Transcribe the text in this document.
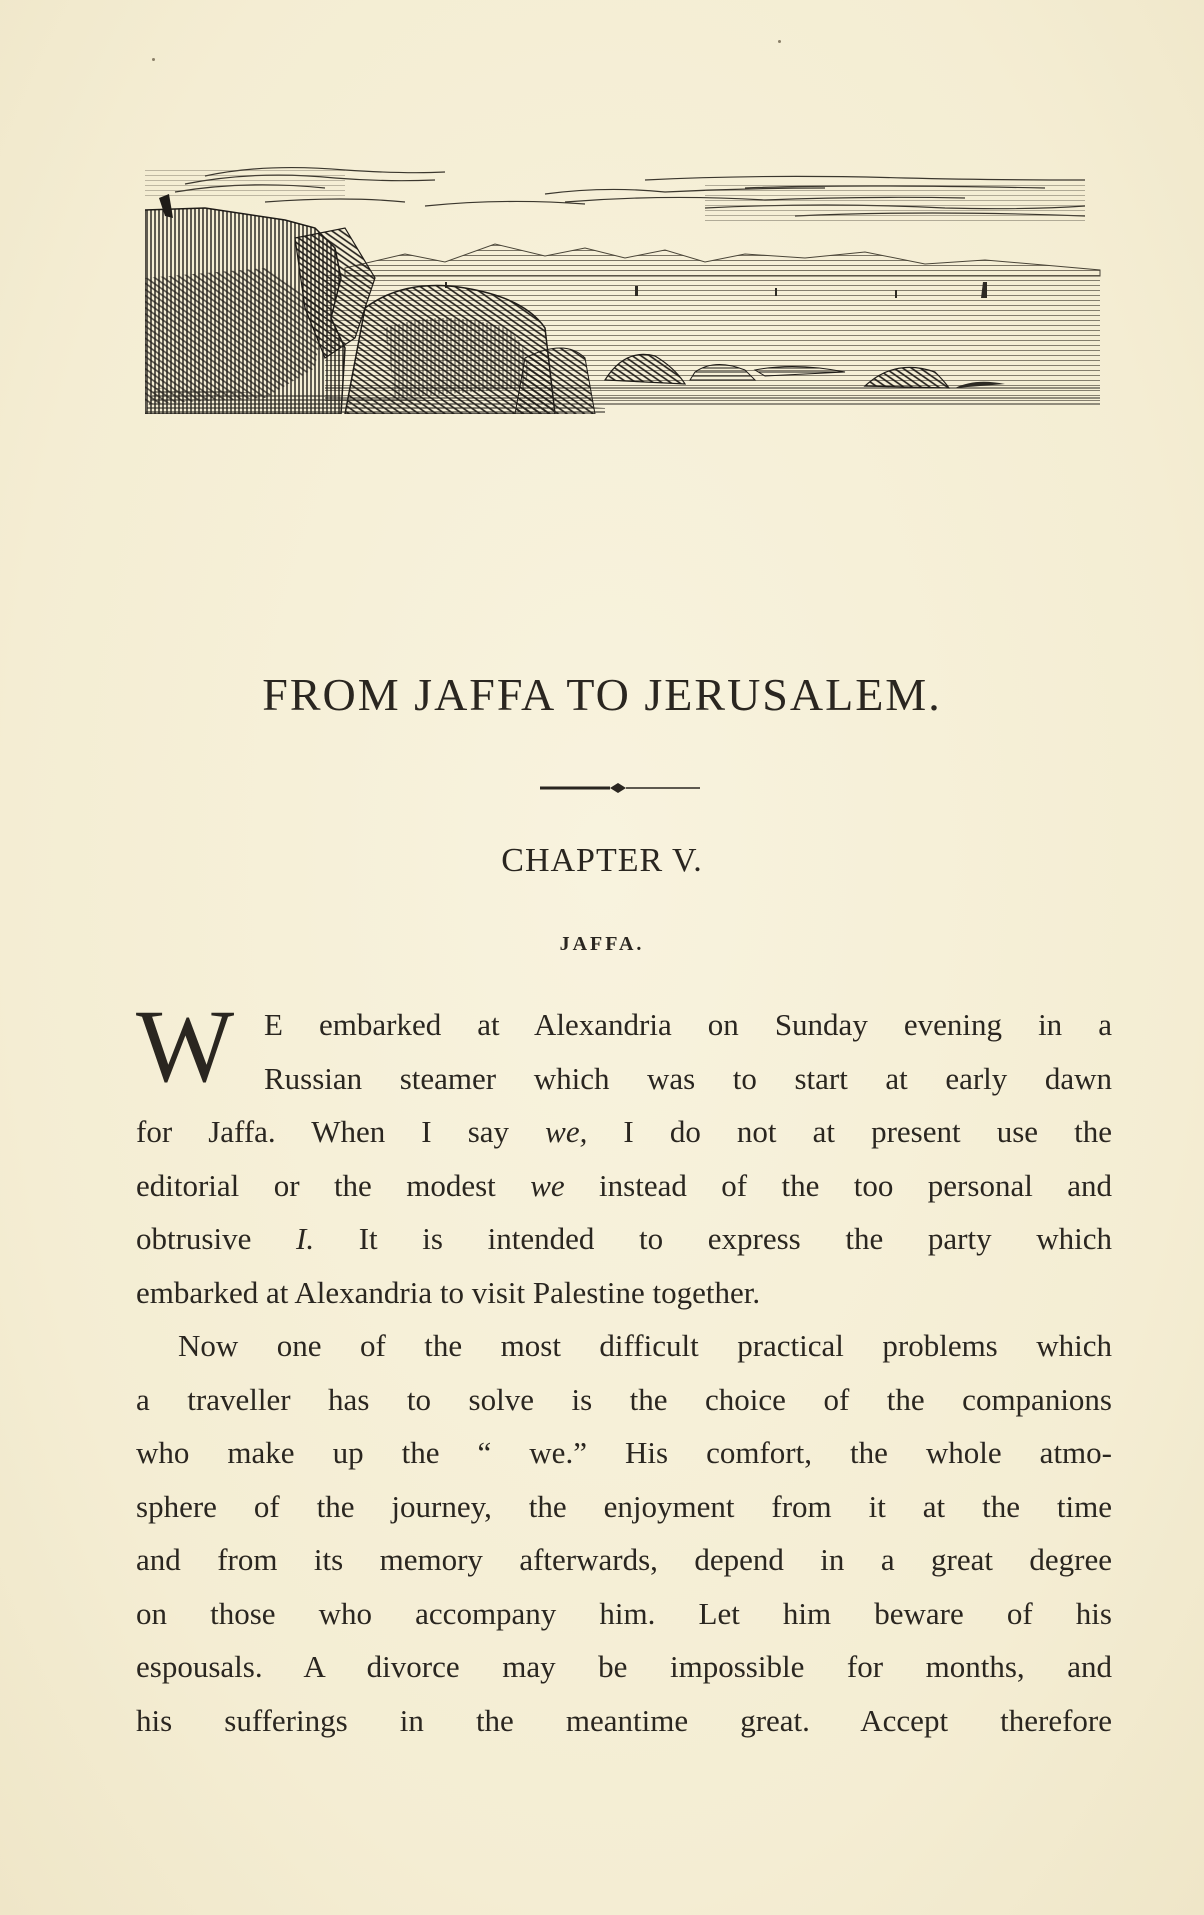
FROM JAFFA TO JERUSALEM.
CHAPTER V.
JAFFA.
W E embarked at Alexandria on Sunday evening in a
Russian steamer which was to start at early dawn
for Jaffa. When I say we, I do not at present use the
editorial or the modest we instead of the too personal and
obtrusive I. It is intended to express the party which
embarked at Alexandria to visit Palestine together.
Now one of the most difficult practical problems which
a traveller has to solve is the choice of the companions
who make up the “ we.” His comfort, the whole atmo-
sphere of the journey, the enjoyment from it at the time
and from its memory afterwards, depend in a great degree
on those who accompany him. Let him beware of his
espousals. A divorce may be impossible for months, and
his sufferings in the meantime great. Accept therefore
